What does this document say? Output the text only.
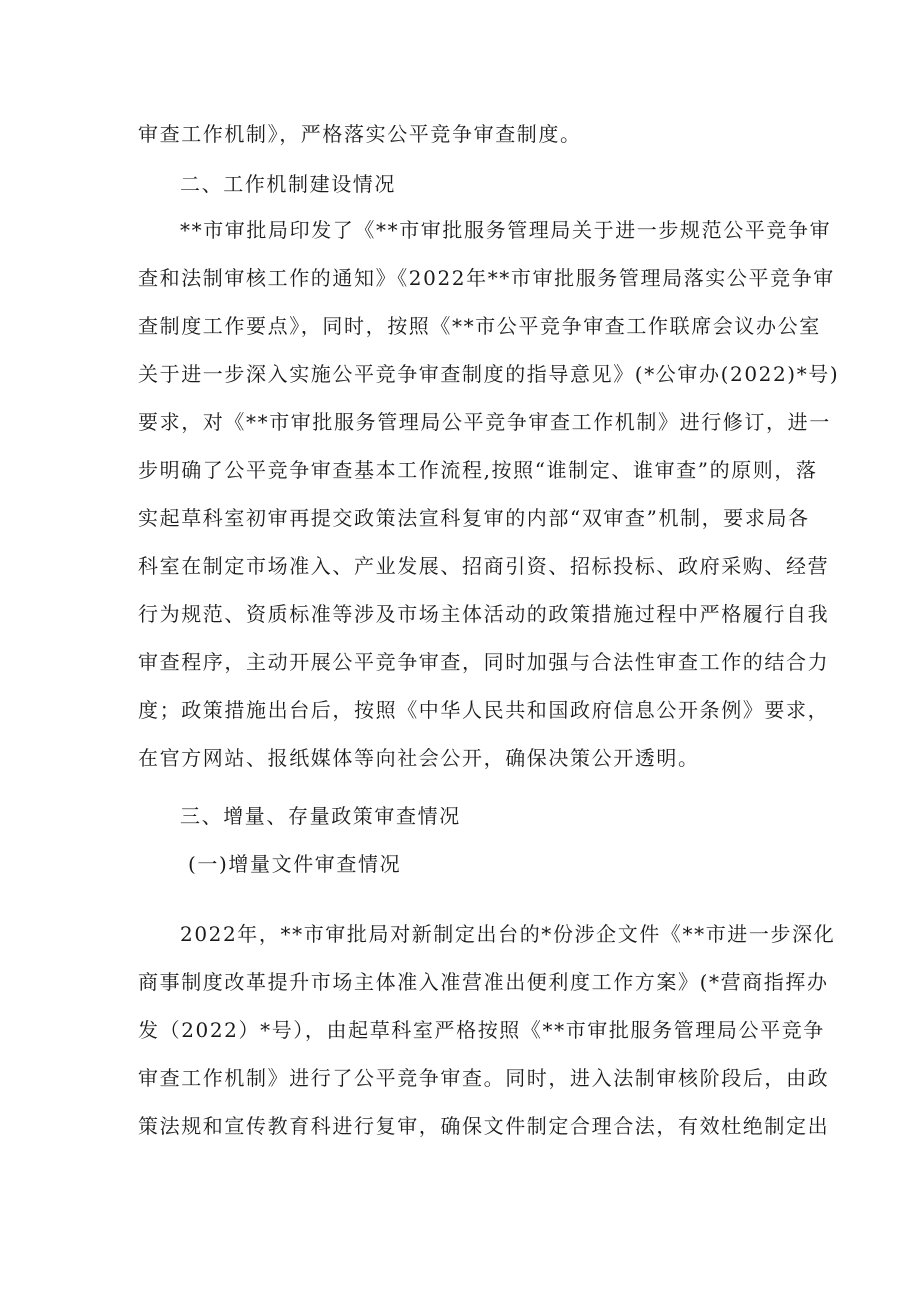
审查工作机制》，严格落实公平竞争审查制度。
二、工作机制建设情况
**市审批局印发了《**市审批服务管理局关于进一步规范公平竞争审
查和法制审核工作的通知》《2022年**市审批服务管理局落实公平竞争审
查制度工作要点》，同时，按照《**市公平竞争审查工作联席会议办公室
关于进一步深入实施公平竞争审查制度的指导意见》(*公审办(2022)*号)
要求，对《**市审批服务管理局公平竞争审查工作机制》进行修订，进一
步明确了公平竞争审查基本工作流程,按照“谁制定、谁审查”的原则，落
实起草科室初审再提交政策法宣科复审的内部“双审查”机制，要求局各
科室在制定市场准入、产业发展、招商引资、招标投标、政府采购、经营
行为规范、资质标准等涉及市场主体活动的政策措施过程中严格履行自我
审查程序，主动开展公平竞争审查，同时加强与合法性审查工作的结合力
度；政策措施出台后，按照《中华人民共和国政府信息公开条例》要求，
在官方网站、报纸媒体等向社会公开，确保决策公开透明。
三、增量、存量政策审查情况
(一)增量文件审查情况
2022年，**市审批局对新制定出台的*份涉企文件《**市进一步深化
商事制度改革提升市场主体准入准营准出便利度工作方案》(*营商指挥办
发（2022）*号），由起草科室严格按照《**市审批服务管理局公平竞争
审查工作机制》进行了公平竞争审查。同时，进入法制审核阶段后，由政
策法规和宣传教育科进行复审，确保文件制定合理合法，有效杜绝制定出
